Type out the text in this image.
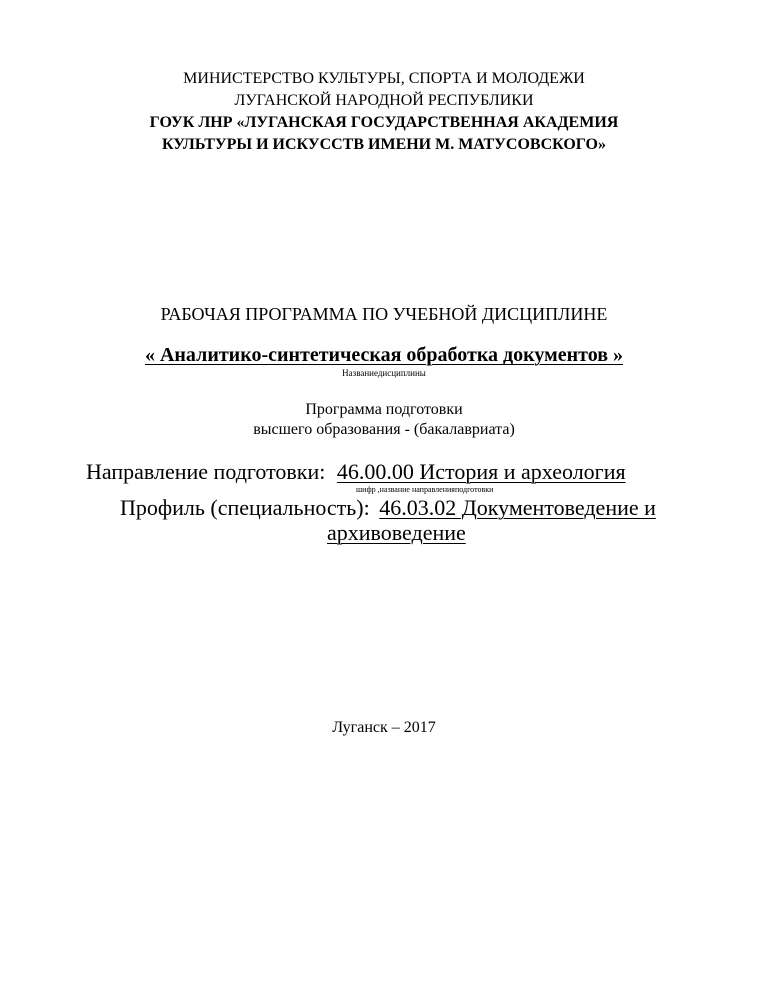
МИНИСТЕРСТВО КУЛЬТУРЫ, СПОРТА И МОЛОДЕЖИ
ЛУГАНСКОЙ НАРОДНОЙ РЕСПУБЛИКИ
ГОУК ЛНР «ЛУГАНСКАЯ ГОСУДАРСТВЕННАЯ АКАДЕМИЯ
КУЛЬТУРЫ И ИСКУССТВ ИМЕНИ М. МАТУСОВСКОГО»
РАБОЧАЯ ПРОГРАММА ПО УЧЕБНОЙ ДИСЦИПЛИНЕ
« Аналитико-синтетическая обработка документов »
Названиедисциплины
Программа подготовки
высшего образования - (бакалавриата)
Направление подготовки: 46.00.00 История и археология
шифр ,название направленияподготовки
Профиль (специальность): 46.03.02 Документоведение и
архивоведение
Луганск – 2017
